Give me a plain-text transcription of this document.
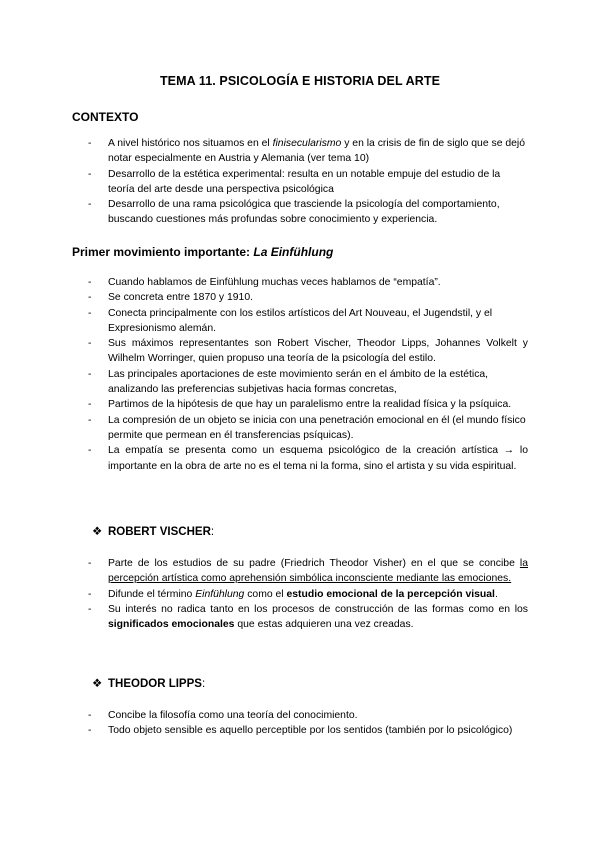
TEMA 11. PSICOLOGÍA E HISTORIA DEL ARTE
CONTEXTO
- A nivel histórico nos situamos en el finisecularismo y en la crisis de fin de siglo que se dejó notar especialmente en Austria y Alemania (ver tema 10)
- Desarrollo de la estética experimental: resulta en un notable empuje del estudio de la teoría del arte desde una perspectiva psicológica
- Desarrollo de una rama psicológica que trasciende la psicología del comportamiento, buscando cuestiones más profundas sobre conocimiento y experiencia.
Primer movimiento importante: La Einfühlung
- Cuando hablamos de Einfühlung muchas veces hablamos de “empatía”.
- Se concreta entre 1870 y 1910.
- Conecta principalmente con los estilos artísticos del Art Nouveau, el Jugendstil, y el Expresionismo alemán.
- Sus máximos representantes son Robert Vischer, Theodor Lipps, Johannes Volkelt y Wilhelm Worringer, quien propuso una teoría de la psicología del estilo.
- Las principales aportaciones de este movimiento serán en el ámbito de la estética, analizando las preferencias subjetivas hacia formas concretas,
- Partimos de la hipótesis de que hay un paralelismo entre la realidad física y la psíquica.
- La compresión de un objeto se inicia con una penetración emocional en él (el mundo físico permite que permean en él transferencias psíquicas).
- La empatía se presenta como un esquema psicológico de la creación artística → lo importante en la obra de arte no es el tema ni la forma, sino el artista y su vida espiritual.
❖ ROBERT VISCHER:
- Parte de los estudios de su padre (Friedrich Theodor Visher) en el que se concibe la percepción artística como aprehensión simbólica inconsciente mediante las emociones.
- Difunde el término Einfühlung como el estudio emocional de la percepción visual.
- Su interés no radica tanto en los procesos de construcción de las formas como en los significados emocionales que estas adquieren una vez creadas.
❖ THEODOR LIPPS:
- Concibe la filosofía como una teoría del conocimiento.
- Todo objeto sensible es aquello perceptible por los sentidos (también por lo psicológico)
